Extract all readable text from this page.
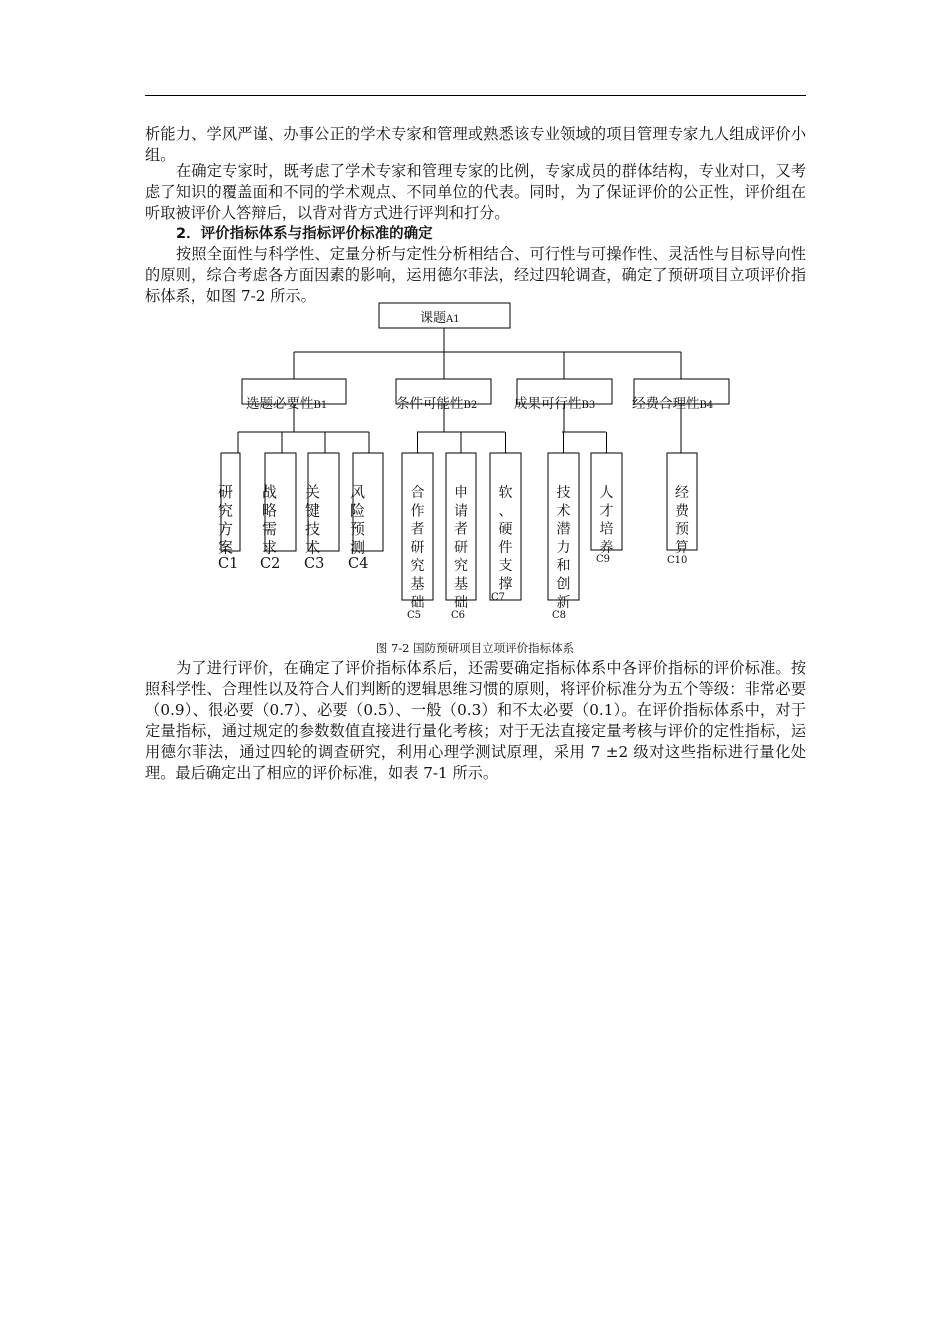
析能力、学风严谨、办事公正的学术专家和管理或熟悉该专业领域的项目管理专家九人组成评价小组。
在确定专家时，既考虑了学术专家和管理专家的比例，专家成员的群体结构，专业对口，又考虑了知识的覆盖面和不同的学术观点、不同单位的代表。同时，为了保证评价的公正性，评价组在听取被评价人答辩后，以背对背方式进行评判和打分。
2．评价指标体系与指标评价标准的确定
按照全面性与科学性、定量分析与定性分析相结合、可行性与可操作性、灵活性与目标导向性的原则，综合考虑各方面因素的影响，运用德尔菲法，经过四轮调查，确定了预研项目立项评价指标体系，如图 7-2 所示。
课题A1
选题必要性B1
研
究
方
案
C1
战
略
需
求
C2
关
键
技
术
C3
风
险
预
测
C4
条件可能性B2
合
作
者
研
究
基
础
C5
申
请
者
研
究
基
础
C6
软
、
硬
件
支
撑
C7
成果可行性B3
技
术
潜
力
和
创
新
C8
人
才
培
养
C9
经费合理性B4
经
费
预
算
C10
图 7-2 国防预研项目立项评价指标体系
为了进行评价，在确定了评价指标体系后，还需要确定指标体系中各评价指标的评价标准。按照科学性、合理性以及符合人们判断的逻辑思维习惯的原则，将评价标准分为五个等级：非常必要（0.9）、很必要（0.7）、必要（0.5）、一般（0.3）和不太必要（0.1）。在评价指标体系中，对于定量指标，通过规定的参数数值直接进行量化考核；对于无法直接定量考核与评价的定性指标，运用德尔菲法，通过四轮的调查研究，利用心理学测试原理，采用 7 ±2 级对这些指标进行量化处理。最后确定出了相应的评价标准，如表 7-1 所示。
